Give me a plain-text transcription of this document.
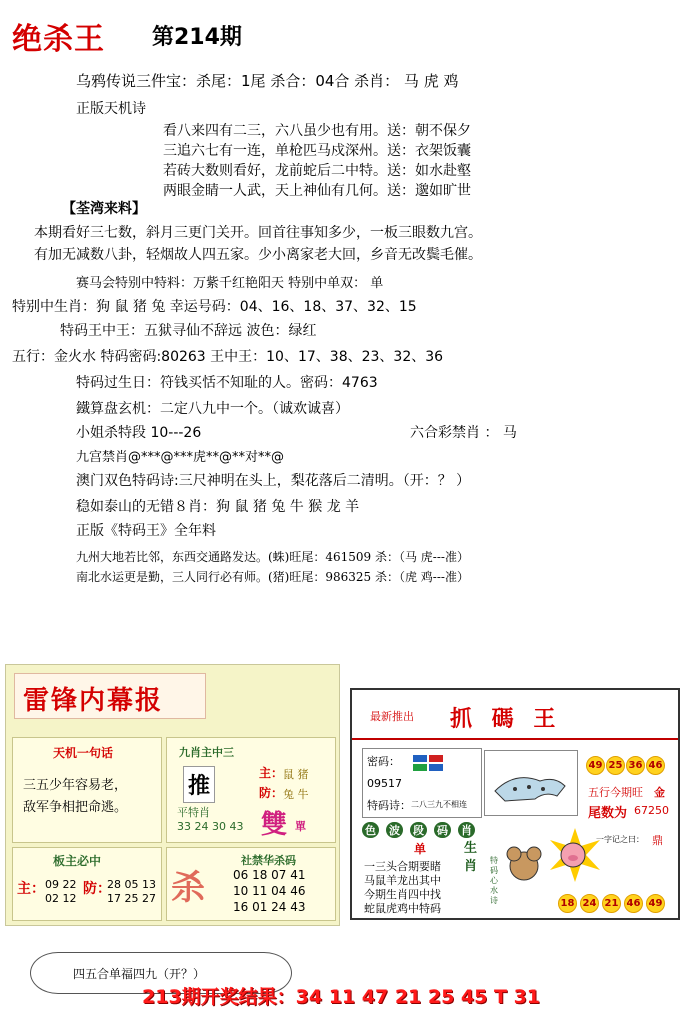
绝杀王 第214期
乌鸦传说三件宝：杀尾：1尾 杀合：04合 杀肖： 马 虎 鸡
正版天机诗
看八来四有二三，六八虽少也有用。送：朝不保夕
三追六七有一连，单枪匹马戍深州。送：衣架饭囊
若砖大数则看好，龙前蛇后二中特。送：如水赴壑
两眼金睛一人武，天上神仙有几何。送：邈如旷世
【荃湾来料】
本期看好三七数，斜月三更门关开。回首往事知多少，一板三眼数九宫。
有加无减数八卦，轻烟故人四五家。少小离家老大回，乡音无改鬓毛催。
赛马会特别中特料：万紫千红艳阳天 特别中单双： 单
特别中生肖：狗 鼠 猪 兔 幸运号码：04、16、18、37、32、15
特码王中王：五狱寻仙不辞远 波色：绿红
五行：金火水 特码密码:80263 王中王：10、17、38、23、32、36
特码过生日：符钱买恬不知耻的人。密码：4763
鐵算盘玄机：二定八九中一个。（诚欢诚喜）
小姐杀特段 10---26	六合彩禁肖 ： 马
九宫禁肖@***@***虎**@**对**@
澳门双色特码诗:三尺神明在头上，梨花落后二清明。（开：？ ）
稳如泰山的无错８肖：狗 鼠 猪 兔 牛 猴 龙 羊
正版《特码王》全年料
九州大地若比邻，东西交通路发达。(蛛)旺尾：461509 杀：（马 虎---准）
南北水运更是勤，三人同行必有师。(猪)旺尾：986325 杀：（虎 鸡---准）
雷锋内幕报
天机一句话
三五少年容易老，
敌军争相把命逃。
九肖主中三
推
主： 鼠 猪
防： 兔 牛
平特肖
33 24 30 43 雙 單
板主必中
主： 09 22
02 12
防：
28 05 13
17 25 27 杀
社禁华杀码
06 18 07 41
10 11 04 46
16 01 24 43
最新推出 抓 碼 王
密码：
09517
特码诗： 二八三九不相连
49 25 36 46
五行今期旺 金
尾数为 67250
一字记之曰： 鼎
色 波 段 码 肖
单	生肖	特码心水诗
一三头合期要睹
马鼠羊龙出其中
今期生肖四中找
蛇鼠虎鸡中特码	18 24 21 46 49
四五合单福四九（开？）
213期开奖结果：34 11 47 21 25 45 T 31
